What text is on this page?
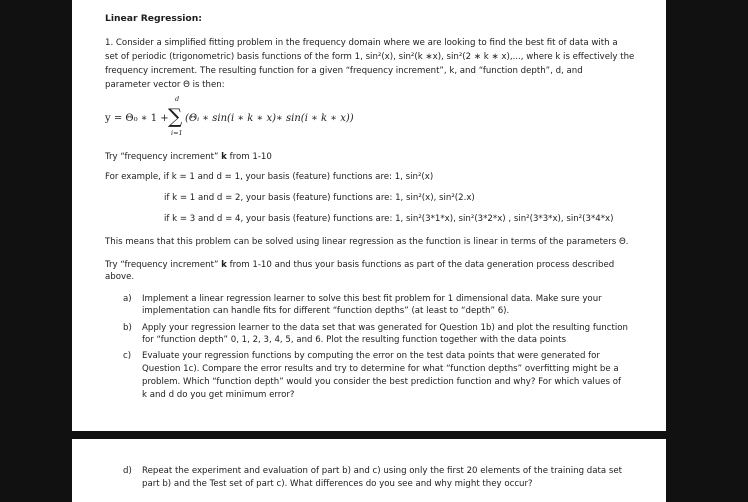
Linear Regression:
1. Consider a simplified fitting problem in the frequency domain where we are looking to find the best fit of data with a
set of periodic (trigonometric) basis functions of the form 1, sin²(x), sin²(k ∗x), sin²(2 ∗ k ∗ x),..., where k is effectively the
frequency increment. The resulting function for a given “frequency increment”, k, and “function depth”, d, and
parameter vector Θ is then:
y = Θ₀ ∗ 1 +
d
∑
i=1
(Θᵢ ∗ sin(i ∗ k ∗ x)∗ sin(i ∗ k ∗ x))
Try “frequency increment” k from 1-10
For example, if k = 1 and d = 1, your basis (feature) functions are: 1, sin²(x)
if k = 1 and d = 2, your basis (feature) functions are: 1, sin²(x), sin²(2.x)
if k = 3 and d = 4, your basis (feature) functions are: 1, sin²(3*1*x), sin²(3*2*x) , sin²(3*3*x), sin²(3*4*x)
This means that this problem can be solved using linear regression as the function is linear in terms of the parameters Θ.
Try “frequency increment” k from 1-10 and thus your basis functions as part of the data generation process described
above.
a) Implement a linear regression learner to solve this best fit problem for 1 dimensional data. Make sure your
implementation can handle fits for different “function depths” (at least to “depth” 6).
b) Apply your regression learner to the data set that was generated for Question 1b) and plot the resulting function
for “function depth” 0, 1, 2, 3, 4, 5, and 6. Plot the resulting function together with the data points
c) Evaluate your regression functions by computing the error on the test data points that were generated for
Question 1c). Compare the error results and try to determine for what “function depths” overfitting might be a
problem. Which “function depth” would you consider the best prediction function and why? For which values of
k and d do you get minimum error?
d) Repeat the experiment and evaluation of part b) and c) using only the first 20 elements of the training data set
part b) and the Test set of part c). What differences do you see and why might they occur?
